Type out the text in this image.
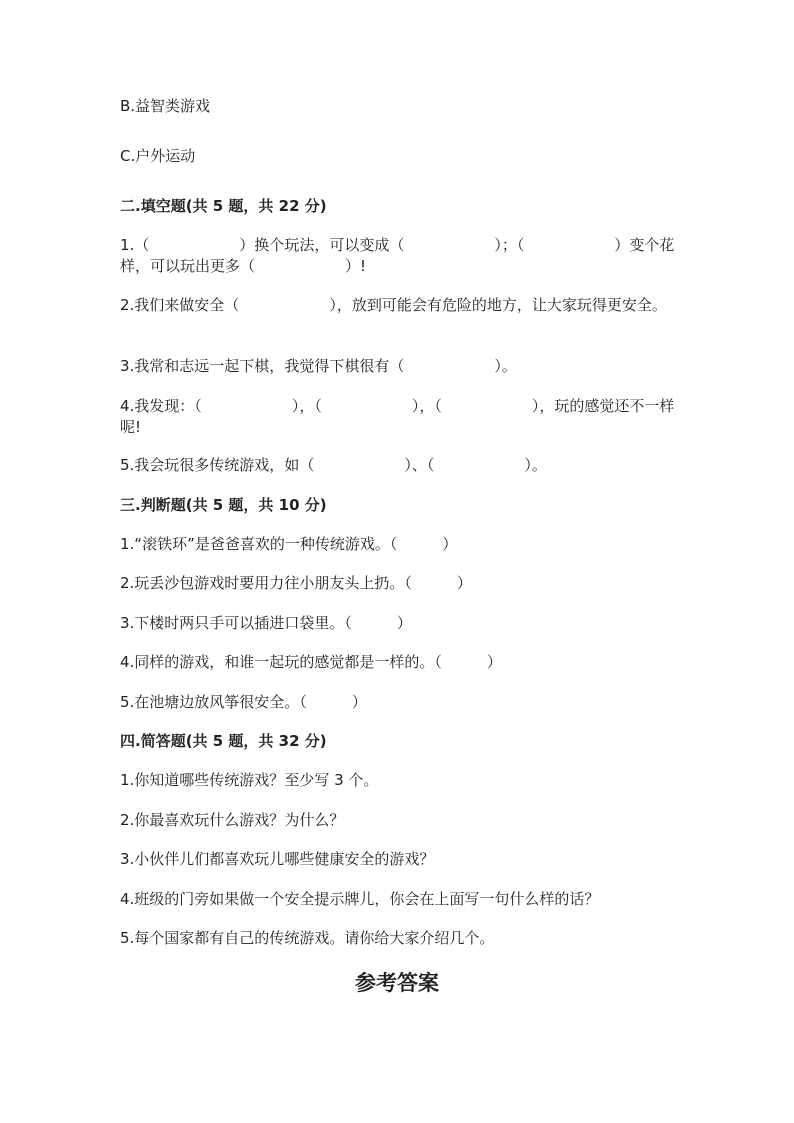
B.益智类游戏
C.户外运动
二.填空题(共 5 题，共 22 分)
1.（　　　　　　）换个玩法，可以变成（　　　　　　）；（　　　　　　）变个花样，可以玩出更多（　　　　　　）!
2.我们来做安全（　　　　　　），放到可能会有危险的地方，让大家玩得更安全。
3.我常和志远一起下棋，我觉得下棋很有（　　　　　　）。
4.我发现：（　　　　　　），（　　　　　　），（　　　　　　），玩的感觉还不一样呢!
5.我会玩很多传统游戏，如（　　　　　　）、（　　　　　　）。
三.判断题(共 5 题，共 10 分)
1.“滚铁环”是爸爸喜欢的一种传统游戏。（　　　）
2.玩丢沙包游戏时要用力往小朋友头上扔。（　　　）
3.下楼时两只手可以插进口袋里。（　　　）
4.同样的游戏，和谁一起玩的感觉都是一样的。（　　　）
5.在池塘边放风筝很安全。（　　　）
四.简答题(共 5 题，共 32 分)
1.你知道哪些传统游戏？至少写 3 个。
2.你最喜欢玩什么游戏？为什么？
3.小伙伴儿们都喜欢玩儿哪些健康安全的游戏？
4.班级的门旁如果做一个安全提示牌儿，你会在上面写一句什么样的话？
5.每个国家都有自己的传统游戏。请你给大家介绍几个。
参考答案
